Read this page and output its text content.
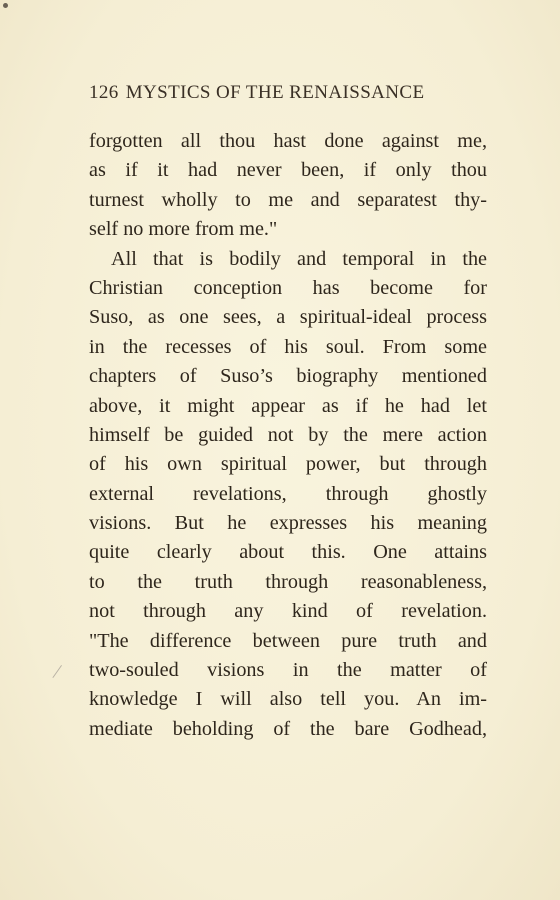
126 MYSTICS OF THE RENAISSANCE
forgotten all thou hast done against me,
as if it had never been, if only thou
turnest wholly to me and separatest thy-
self no more from me."
All that is bodily and temporal in the
Christian conception has become for
Suso, as one sees, a spiritual-ideal process
in the recesses of his soul. From some
chapters of Suso’s biography mentioned
above, it might appear as if he had let
himself be guided not by the mere action
of his own spiritual power, but through
external revelations, through ghostly
visions. But he expresses his meaning
quite clearly about this. One attains
to the truth through reasonableness,
not through any kind of revelation.
"The difference between pure truth and
two-souled visions in the matter of
knowledge I will also tell you. An im-
mediate beholding of the bare Godhead,
/
